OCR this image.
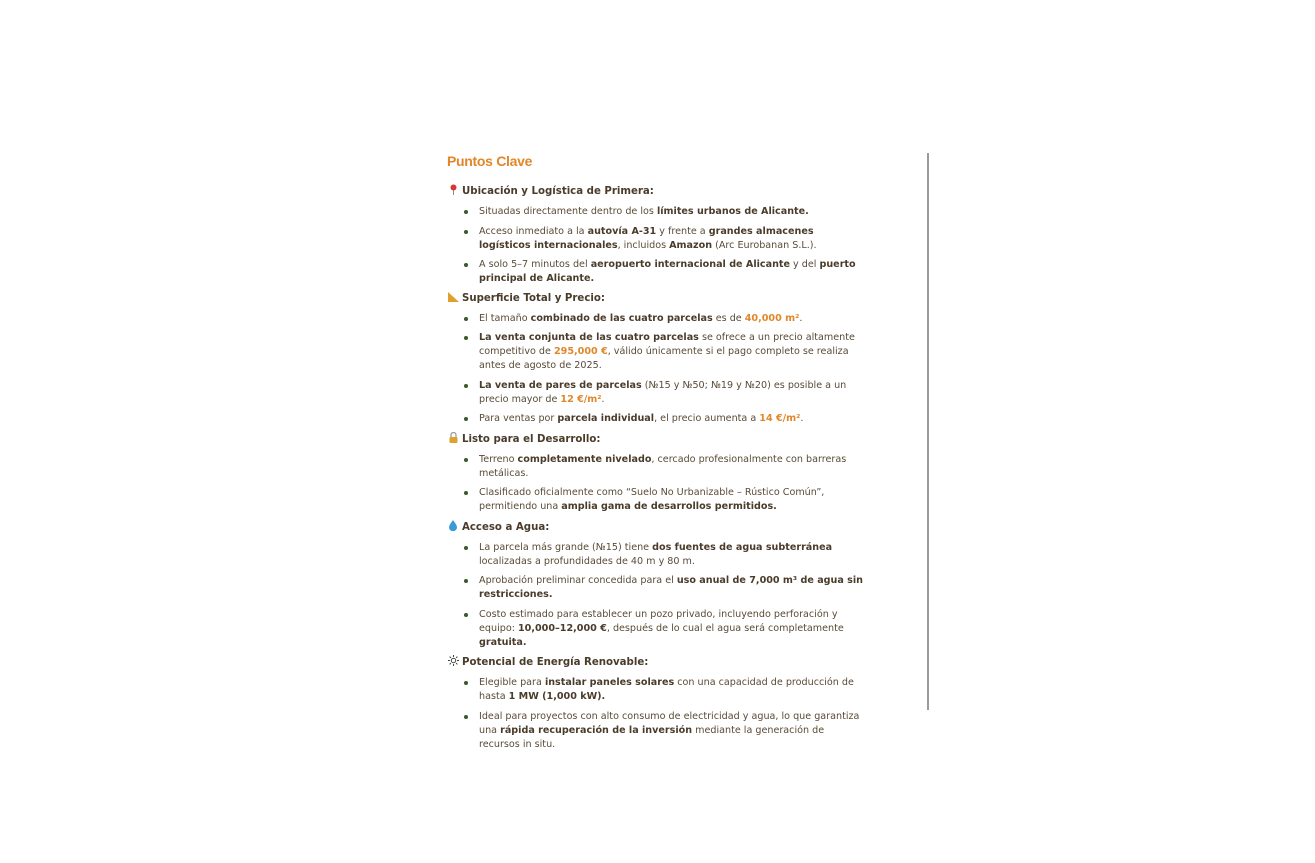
Puntos Clave
Ubicación y Logística de Primera:
Situadas directamente dentro de los límites urbanos de Alicante.
Acceso inmediato a la autovía A-31 y frente a grandes almacenes logísticos internacionales, incluidos Amazon (Arc Eurobanan S.L.).
A solo 5–7 minutos del aeropuerto internacional de Alicante y del puerto principal de Alicante.
Superficie Total y Precio:
El tamaño combinado de las cuatro parcelas es de 40,000 m².
La venta conjunta de las cuatro parcelas se ofrece a un precio altamente competitivo de 295,000 €, válido únicamente si el pago completo se realiza antes de agosto de 2025.
La venta de pares de parcelas (№15 y №50; №19 y №20) es posible a un precio mayor de 12 €/m².
Para ventas por parcela individual, el precio aumenta a 14 €/m².
Listo para el Desarrollo:
Terreno completamente nivelado, cercado profesionalmente con barreras metálicas.
Clasificado oficialmente como “Suelo No Urbanizable – Rústico Común”, permitiendo una amplia gama de desarrollos permitidos.
Acceso a Agua:
La parcela más grande (№15) tiene dos fuentes de agua subterránea localizadas a profundidades de 40 m y 80 m.
Aprobación preliminar concedida para el uso anual de 7,000 m³ de agua sin restricciones.
Costo estimado para establecer un pozo privado, incluyendo perforación y equipo: 10,000–12,000 €, después de lo cual el agua será completamente gratuita.
Potencial de Energía Renovable:
Elegible para instalar paneles solares con una capacidad de producción de hasta 1 MW (1,000 kW).
Ideal para proyectos con alto consumo de electricidad y agua, lo que garantiza una rápida recuperación de la inversión mediante la generación de recursos in situ.
